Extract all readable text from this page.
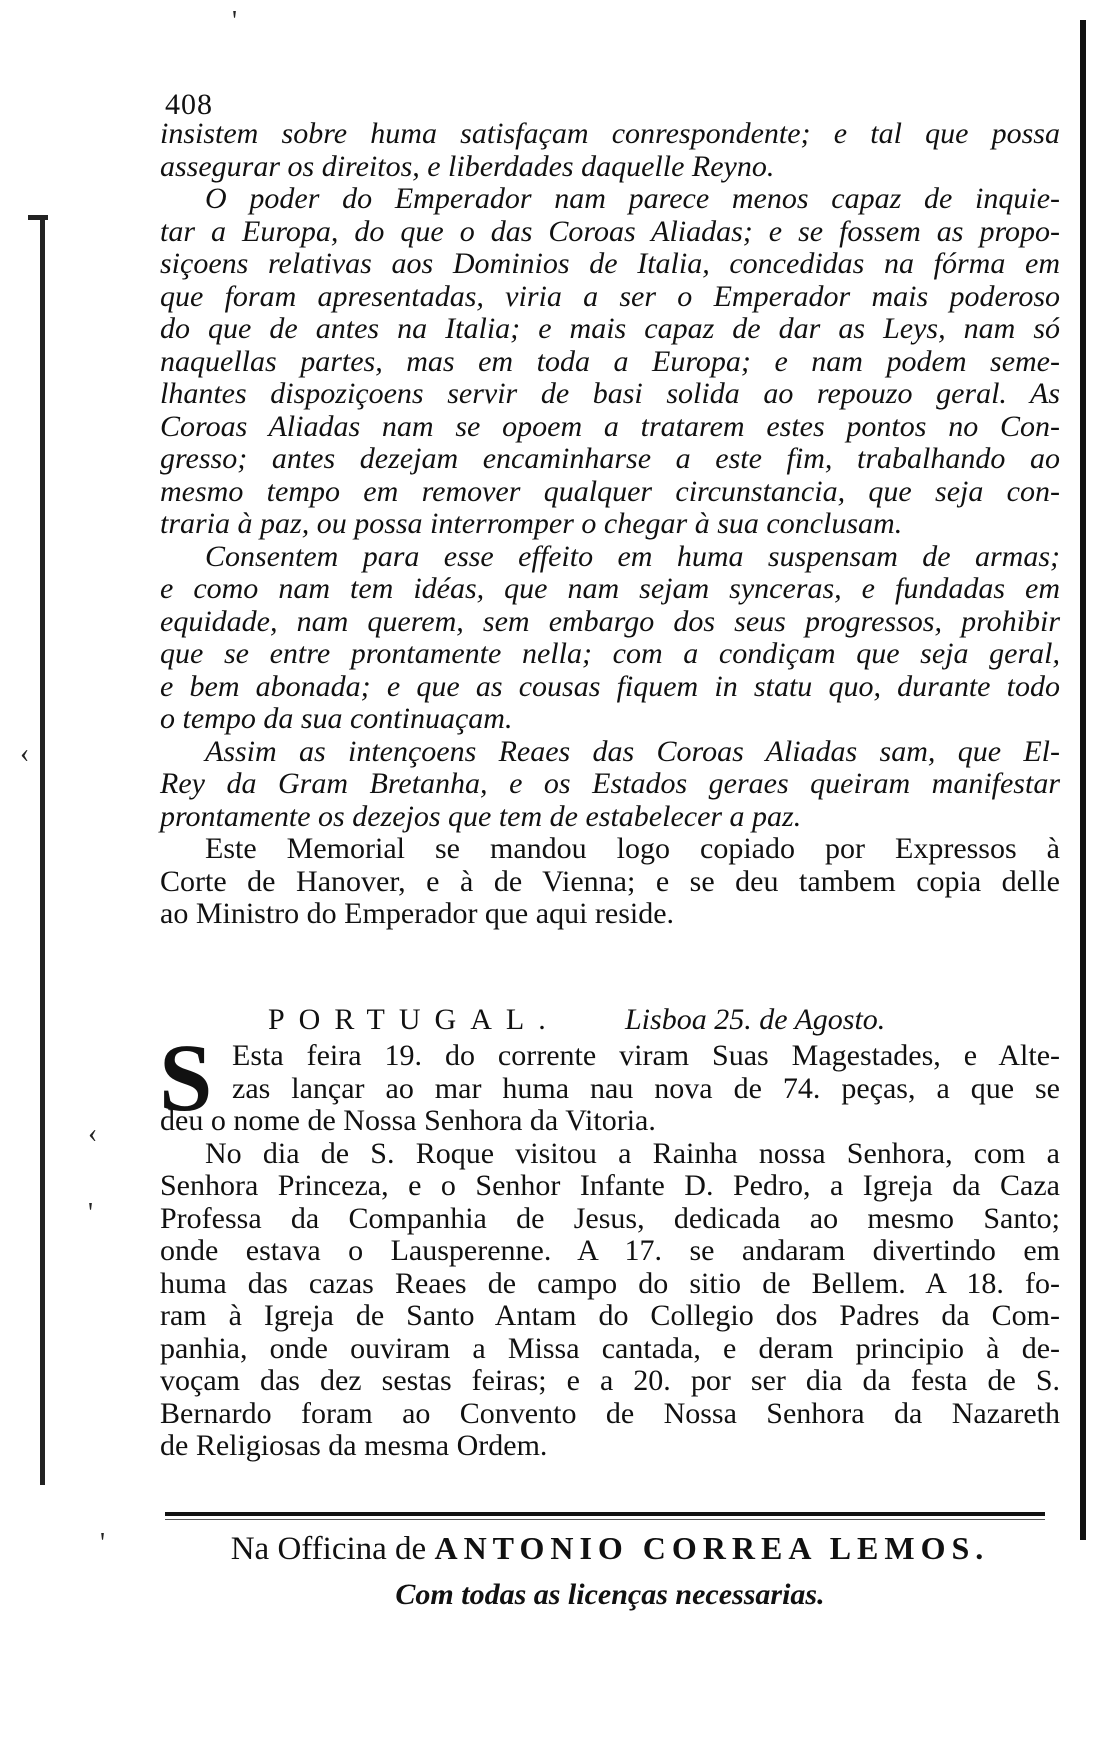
'
‹
‹
'
'
408
insistem sobre huma satisfaçam conrespondente; e tal que possa
assegurar os direitos, e liberdades daquelle Reyno.
O poder do Emperador nam parece menos capaz de inquie-
tar a Europa, do que o das Coroas Aliadas; e se fossem as propo-
siçoens relativas aos Dominios de Italia, concedidas na fórma em
que foram apresentadas, viria a ser o Emperador mais poderoso
do que de antes na Italia; e mais capaz de dar as Leys, nam só
naquellas partes, mas em toda a Europa; e nam podem seme-
lhantes dispoziçoens servir de basi solida ao repouzo geral. As
Coroas Aliadas nam se opoem a tratarem estes pontos no Con-
gresso; antes dezejam encaminharse a este fim, trabalhando ao
mesmo tempo em remover qualquer circunstancia, que seja con-
traria à paz, ou possa interromper o chegar à sua conclusam.
Consentem para esse effeito em huma suspensam de armas;
e como nam tem idéas, que nam sejam synceras, e fundadas em
equidade, nam querem, sem embargo dos seus progressos, prohibir
que se entre prontamente nella; com a condiçam que seja geral,
e bem abonada; e que as cousas fiquem in statu quo, durante todo
o tempo da sua continuaçam.
Assim as intençoens Reaes das Coroas Aliadas sam, que El-
Rey da Gram Bretanha, e os Estados geraes queiram manifestar
prontamente os dezejos que tem de estabelecer a paz.
Este Memorial se mandou logo copiado por Expressos à
Corte de Hanover, e à de Vienna; e se deu tambem copia delle
ao Ministro do Emperador que aqui reside.
PORTUGAL. Lisboa 25. de Agosto.
S Esta feira 19. do corrente viram Suas Magestades, e Alte-
zas lançar ao mar huma nau nova de 74. peças, a que se
deu o nome de Nossa Senhora da Vitoria.
No dia de S. Roque visitou a Rainha nossa Senhora, com a
Senhora Princeza, e o Senhor Infante D. Pedro, a Igreja da Caza
Professa da Companhia de Jesus, dedicada ao mesmo Santo;
onde estava o Lausperenne. A 17. se andaram divertindo em
huma das cazas Reaes de campo do sitio de Bellem. A 18. fo-
ram à Igreja de Santo Antam do Collegio dos Padres da Com-
panhia, onde ouviram a Missa cantada, e deram principio à de-
voçam das dez sestas feiras; e a 20. por ser dia da festa de S.
Bernardo foram ao Convento de Nossa Senhora da Nazareth
de Religiosas da mesma Ordem.
Na Officina de ANTONIO CORREA LEMOS.
Com todas as licenças necessarias.
